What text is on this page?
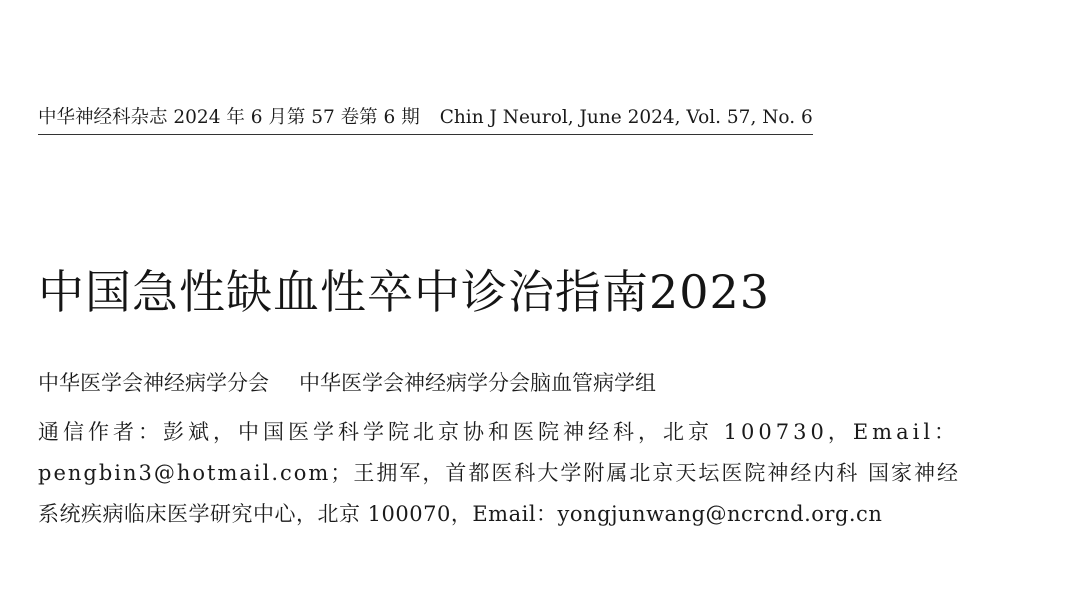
中华神经科杂志 2024 年 6 月第 57 卷第 6 期 Chin J Neurol, June 2024, Vol. 57, No. 6
中国急性缺血性卒中诊治指南2023
中华医学会神经病学分会 中华医学会神经病学分会脑血管病学组
通信作者：彭斌，中国医学科学院北京协和医院神经科，北京 100730，Email：
pengbin3@hotmail.com；王拥军，首都医科大学附属北京天坛医院神经内科 国家神经
系统疾病临床医学研究中心，北京 100070，Email：yongjunwang@ncrcnd.org.cn
